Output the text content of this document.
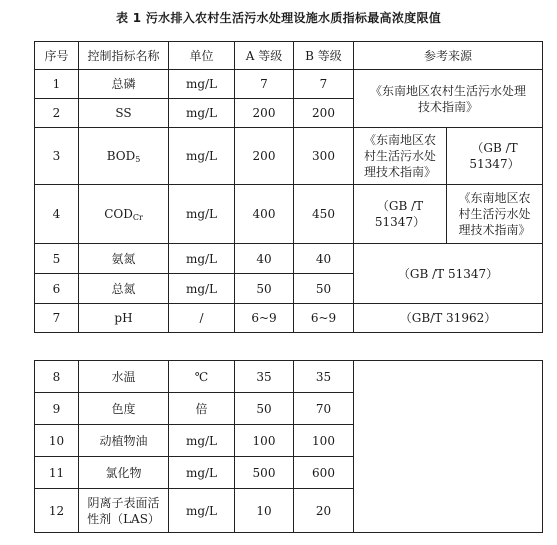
表 1 污水排入农村生活污水处理设施水质指标最高浓度限值
序号	控制指标名称	单位	A 等级	B 等级	参考来源	
1	总磷	mg/L	7	7	《东南地区农村生活污水处理技术指南》	
2	SS	mg/L	200	200		
3	$BOD_5$	mg/L	200	300	《东南地区农村生活污水处理技术指南》	（GB /T 51347）
4	$COD_{Cr}$	mg/L	400	450	（GB /T 51347）	《东南地区农村生活污水处理技术指南》
5	氨氮	mg/L	40	40	（GB /T 51347）	
6	总氮	mg/L	50	50		
7	pH	/	6~9	6~9	（GB/T 31962）	
8	水温	℃	35	35	
9	色度	倍	50	70	
10	动植物油	mg/L	100	100	
11	氯化物	mg/L	500	600	
12	阴离子表面活性剂（LAS）	mg/L	10	20	
